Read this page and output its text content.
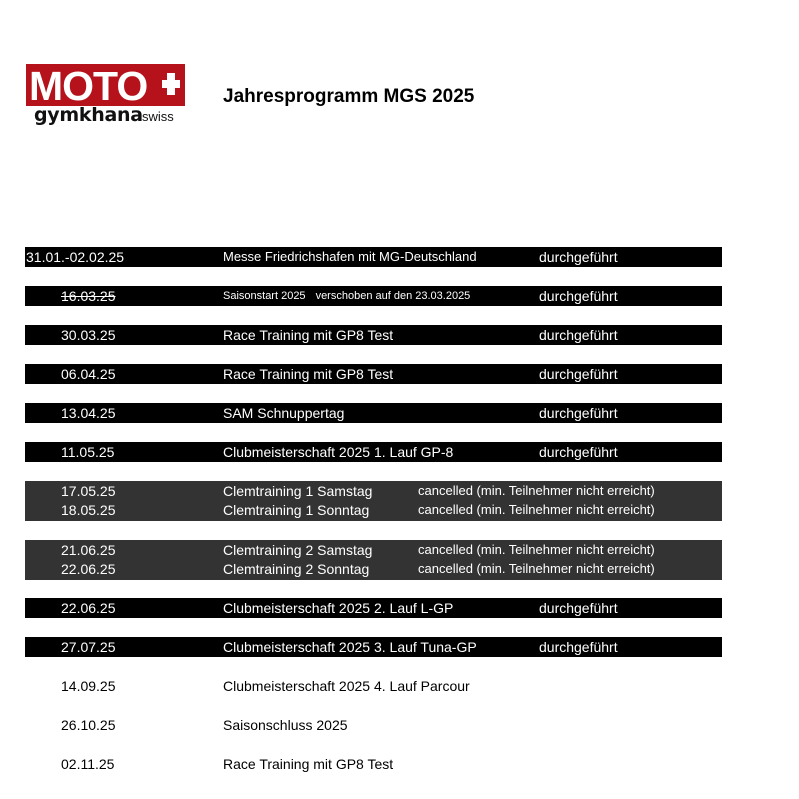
MOTO
gymkhana swiss
Jahresprogramm MGS 2025
31.01.-02.02.25	Messe Friedrichshafen mit MG-Deutschland	durchgeführt
16.03.25	Saisonstart 2025 verschoben auf den 23.03.2025	durchgeführt
30.03.25	Race Training mit GP8 Test	durchgeführt
06.04.25	Race Training mit GP8 Test	durchgeführt
13.04.25	SAM Schnuppertag	durchgeführt
11.05.25	Clubmeisterschaft 2025 1. Lauf GP-8	durchgeführt
17.05.25	Clemtraining 1 Samstag	cancelled (min. Teilnehmer nicht erreicht)
18.05.25	Clemtraining 1 Sonntag	cancelled (min. Teilnehmer nicht erreicht)
21.06.25	Clemtraining 2 Samstag	cancelled (min. Teilnehmer nicht erreicht)
22.06.25	Clemtraining 2 Sonntag	cancelled (min. Teilnehmer nicht erreicht)
22.06.25	Clubmeisterschaft 2025 2. Lauf L-GP	durchgeführt
27.07.25	Clubmeisterschaft 2025 3. Lauf Tuna-GP	durchgeführt
14.09.25	Clubmeisterschaft 2025 4. Lauf Parcour
26.10.25	Saisonschluss 2025
02.11.25	Race Training mit GP8 Test
